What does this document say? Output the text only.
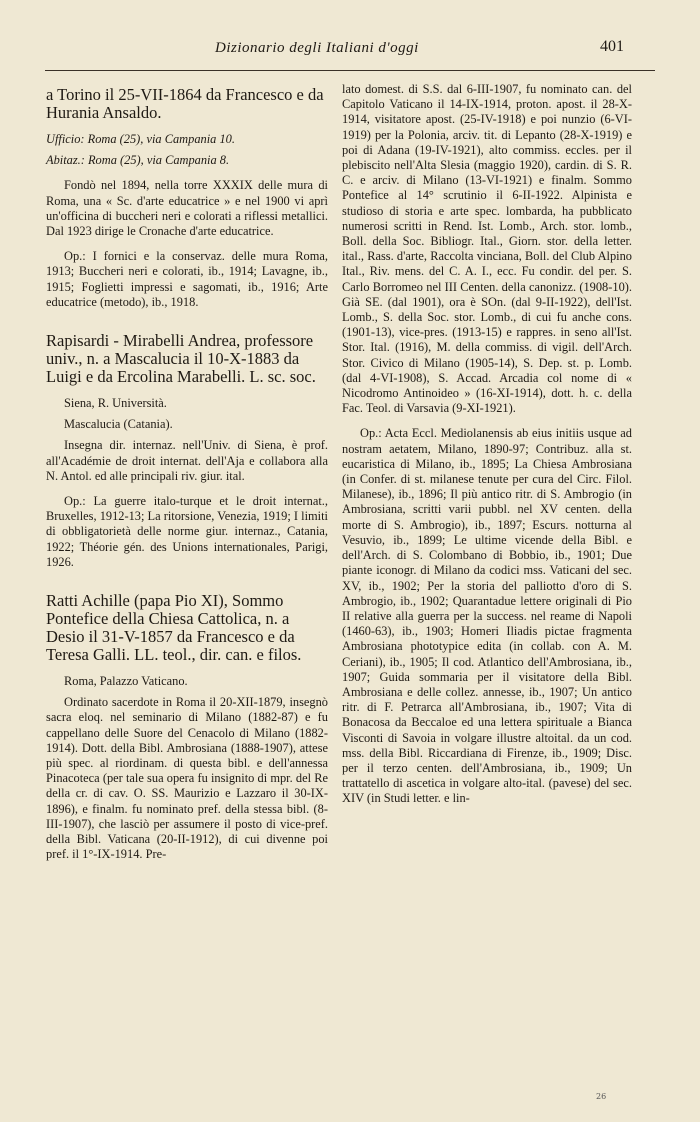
Dizionario degli Italiani d'oggi	401

a Torino il 25-VII-1864 da Francesco e da Hurania Ansaldo.

Ufficio: Roma (25), via Campania 10.

Abitaz.: Roma (25), via Campania 8.

Fondò nel 1894, nella torre XXXIX delle mura di Roma, una « Sc. d'arte educatrice » e nel 1900 vi aprì un'officina di buccheri neri e colorati a riflessi metallici. Dal 1923 dirige le Cronache d'arte educatrice.

Op.: I fornici e la conservaz. delle mura Roma, 1913; Buccheri neri e colorati, ib., 1914; Lavagne, ib., 1915; Foglietti impressi e sagomati, ib., 1916; Arte educatrice (metodo), ib., 1918.

Rapisardi - Mirabelli Andrea, professore univ., n. a Mascalucia il 10-X-1883 da Luigi e da Ercolina Marabelli. L. sc. soc.

Siena, R. Università.

Mascalucia (Catania).

Insegna dir. internaz. nell'Univ. di Siena, è prof. all'Académie de droit internat. dell'Aja e collabora alla N. Antol. ed alle principali riv. giur. ital.

Op.: La guerre italo-turque et le droit internat., Bruxelles, 1912-13; La ritorsione, Venezia, 1919; I limiti di obbligatorietà delle norme giur. internaz., Catania, 1922; Théorie gén. des Unions internationales, Parigi, 1926.

Ratti Achille (papa Pio XI), Sommo Pontefice della Chiesa Cattolica, n. a Desio il 31-V-1857 da Francesco e da Teresa Galli. LL. teol., dir. can. e filos.

Roma, Palazzo Vaticano.

Ordinato sacerdote in Roma il 20-XII-1879, insegnò sacra eloq. nel seminario di Milano (1882-87) e fu cappellano delle Suore del Cenacolo di Milano (1882-1914). Dott. della Bibl. Ambrosiana (1888-1907), attese più spec. al riordinam. di questa bibl. e dell'annessa Pinacoteca (per tale sua opera fu insignito di mpr. del Re della cr. di cav. O. SS. Maurizio e Lazzaro il 30-IX-1896), e finalm. fu nominato pref. della stessa bibl. (8-III-1907), che lasciò per assumere il posto di vice-pref. della Bibl. Vaticana (20-II-1912), di cui divenne poi pref. il 1°-IX-1914. Pre-

lato domest. di S.S. dal 6-III-1907, fu nominato can. del Capitolo Vaticano il 14-IX-1914, proton. apost. il 28-X-1914, visitatore apost. (25-IV-1918) e poi nunzio (6-VI-1919) per la Polonia, arciv. tit. di Lepanto (28-X-1919) e poi di Adana (19-IV-1921), alto commiss. eccles. per il plebiscito nell'Alta Slesia (maggio 1920), cardin. di S. R. C. e arciv. di Milano (13-VI-1921) e finalm. Sommo Pontefice al 14° scrutinio il 6-II-1922. Alpinista e studioso di storia e arte spec. lombarda, ha pubblicato numerosi scritti in Rend. Ist. Lomb., Arch. stor. lomb., Boll. della Soc. Bibliogr. Ital., Giorn. stor. della letter. ital., Rass. d'arte, Raccolta vinciana, Boll. del Club Alpino Ital., Riv. mens. del C. A. I., ecc. Fu condir. del per. S. Carlo Borromeo nel III Centen. della canonizz. (1908-10). Già SE. (dal 1901), ora è SOn. (dal 9-II-1922), dell'Ist. Lomb., S. della Soc. stor. Lomb., di cui fu anche cons. (1901-13), vice-pres. (1913-15) e rappres. in seno all'Ist. Stor. Ital. (1916), M. della commiss. di vigil. dell'Arch. Stor. Civico di Milano (1905-14), S. Dep. st. p. Lomb. (dal 4-VI-1908), S. Accad. Arcadia col nome di « Nicodromo Antinoideo » (16-XI-1914), dott. h. c. della Fac. Teol. di Varsavia (9-XI-1921).

Op.: Acta Eccl. Mediolanensis ab eius initiis usque ad nostram aetatem, Milano, 1890-97; Contribuz. alla st. eucaristica di Milano, ib., 1895; La Chiesa Ambrosiana (in Confer. di st. milanese tenute per cura del Circ. Filol. Milanese), ib., 1896; Il più antico ritr. di S. Ambrogio (in Ambrosiana, scritti varii pubbl. nel XV centen. della morte di S. Ambrogio), ib., 1897; Escurs. notturna al Vesuvio, ib., 1899; Le ultime vicende della Bibl. e dell'Arch. di S. Colombano di Bobbio, ib., 1901; Due piante iconogr. di Milano da codici mss. Vaticani del sec. XV, ib., 1902; Per la storia del palliotto d'oro di S. Ambrogio, ib., 1902; Quarantadue lettere originali di Pio II relative alla guerra per la success. nel reame di Napoli (1460-63), ib., 1903; Homeri Iliadis pictae fragmenta Ambrosiana phototypice edita (in collab. con A. M. Ceriani), ib., 1905; Il cod. Atlantico dell'Ambrosiana, ib., 1907; Guida sommaria per il visitatore della Bibl. Ambrosiana e delle collez. annesse, ib., 1907; Un antico ritr. di F. Petrarca all'Ambrosiana, ib., 1907; Vita di Bonacosa da Beccaloe ed una lettera spirituale a Bianca Visconti di Savoia in volgare illustre altoital. da un cod. mss. della Bibl. Riccardiana di Firenze, ib., 1909; Disc. per il terzo centen. dell'Ambrosiana, ib., 1909; Un trattatello di ascetica in volgare alto-ital. (pavese) del sec. XIV (in Studi letter. e lin-

26
